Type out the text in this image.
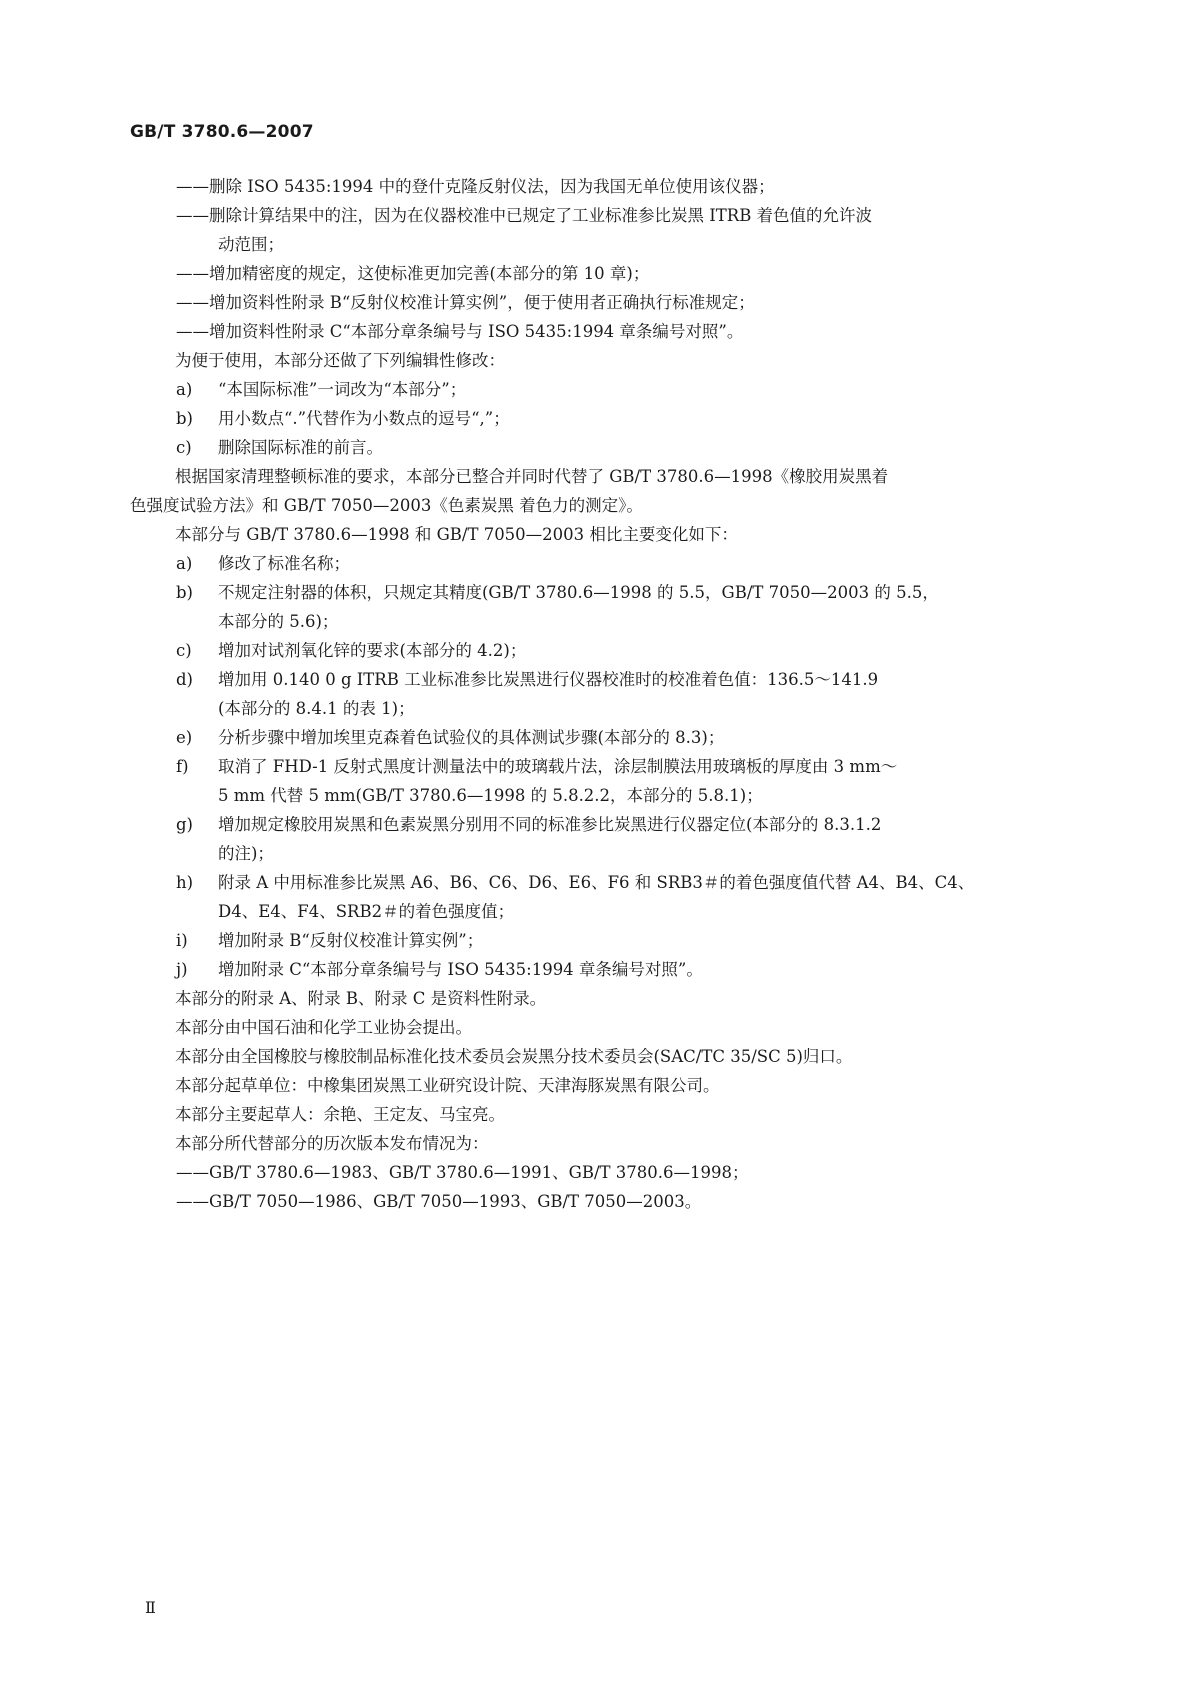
GB/T 3780.6—2007
——删除 ISO 5435:1994 中的登什克隆反射仪法，因为我国无单位使用该仪器；
——删除计算结果中的注，因为在仪器校准中已规定了工业标准参比炭黑 ITRB 着色值的允许波
动范围；
——增加精密度的规定，这使标准更加完善(本部分的第 10 章)；
——增加资料性附录 B“反射仪校准计算实例”，便于使用者正确执行标准规定；
——增加资料性附录 C“本部分章条编号与 ISO 5435:1994 章条编号对照”。
为便于使用，本部分还做了下列编辑性修改：
a)	“本国际标准”一词改为“本部分”；
b)	用小数点“.”代替作为小数点的逗号“,”；
c)	删除国际标准的前言。
根据国家清理整顿标准的要求，本部分已整合并同时代替了 GB/T 3780.6—1998《橡胶用炭黑着
色强度试验方法》和 GB/T 7050—2003《色素炭黑 着色力的测定》。
本部分与 GB/T 3780.6—1998 和 GB/T 7050—2003 相比主要变化如下：
a)	修改了标准名称；
b)	不规定注射器的体积，只规定其精度(GB/T 3780.6—1998 的 5.5，GB/T 7050—2003 的 5.5，
本部分的 5.6)；
c)	增加对试剂氧化锌的要求(本部分的 4.2)；
d)	增加用 0.140 0 g ITRB 工业标准参比炭黑进行仪器校准时的校准着色值：136.5～141.9
(本部分的 8.4.1 的表 1)；
e)	分析步骤中增加埃里克森着色试验仪的具体测试步骤(本部分的 8.3)；
f)	取消了 FHD-1 反射式黑度计测量法中的玻璃载片法，涂层制膜法用玻璃板的厚度由 3 mm～
5 mm 代替 5 mm(GB/T 3780.6—1998 的 5.8.2.2，本部分的 5.8.1)；
g)	增加规定橡胶用炭黑和色素炭黑分别用不同的标准参比炭黑进行仪器定位(本部分的 8.3.1.2
的注)；
h)	附录 A 中用标准参比炭黑 A6、B6、C6、D6、E6、F6 和 SRB3＃的着色强度值代替 A4、B4、C4、
D4、E4、F4、SRB2＃的着色强度值；
i)	增加附录 B“反射仪校准计算实例”；
j)	增加附录 C“本部分章条编号与 ISO 5435:1994 章条编号对照”。
本部分的附录 A、附录 B、附录 C 是资料性附录。
本部分由中国石油和化学工业协会提出。
本部分由全国橡胶与橡胶制品标准化技术委员会炭黑分技术委员会(SAC/TC 35/SC 5)归口。
本部分起草单位：中橡集团炭黑工业研究设计院、天津海豚炭黑有限公司。
本部分主要起草人：余艳、王定友、马宝亮。
本部分所代替部分的历次版本发布情况为：
——GB/T 3780.6—1983、GB/T 3780.6—1991、GB/T 3780.6—1998；
——GB/T 7050—1986、GB/T 7050—1993、GB/T 7050—2003。
Ⅱ
